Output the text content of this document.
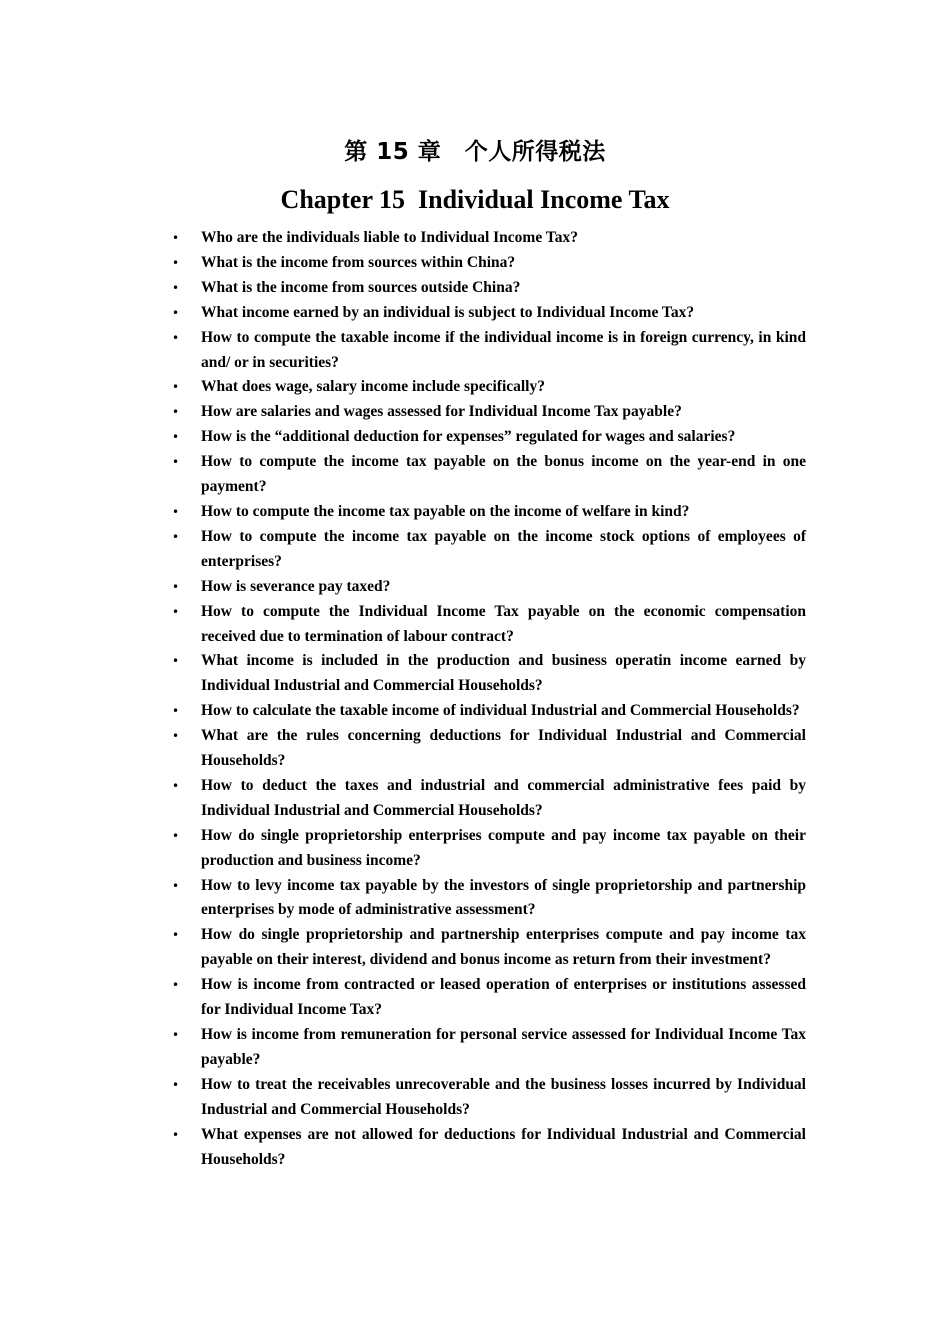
第 15 章　个人所得税法
Chapter 15  Individual Income Tax
• Who are the individuals liable to Individual Income Tax?
• What is the income from sources within China?
• What is the income from sources outside China?
• What income earned by an individual is subject to Individual Income Tax?
• How to compute the taxable income if the individual income is in foreign currency, in kind and/ or in securities?
• What does wage, salary income include specifically?
• How are salaries and wages assessed for Individual Income Tax payable?
• How is the “additional deduction for expenses” regulated for wages and salaries?
• How to compute the income tax payable on the bonus income on the year-end in one payment?
• How to compute the income tax payable on the income of welfare in kind?
• How to compute the income tax payable on the income stock options of employees of enterprises?
• How is severance pay taxed?
• How to compute the Individual Income Tax payable on the economic compensation received due to termination of labour contract?
• What income is included in the production and business operatin income earned by Individual Industrial and Commercial Households?
• How to calculate the taxable income of individual Industrial and Commercial Households?
• What are the rules concerning deductions for Individual Industrial and Commercial Households?
• How to deduct the taxes and industrial and commercial administrative fees paid by Individual Industrial and Commercial Households?
• How do single proprietorship enterprises compute and pay income tax payable on their production and business income?
• How to levy income tax payable by the investors of single proprietorship and partnership enterprises by mode of administrative assessment?
• How do single proprietorship and partnership enterprises compute and pay income tax payable on their interest, dividend and bonus income as return from their investment?
• How is income from contracted or leased operation of enterprises or institutions assessed for Individual Income Tax?
• How is income from remuneration for personal service assessed for Individual Income Tax payable?
• How to treat the receivables unrecoverable and the business losses incurred by Individual Industrial and Commercial Households?
• What expenses are not allowed for deductions for Individual Industrial and Commercial Households?
